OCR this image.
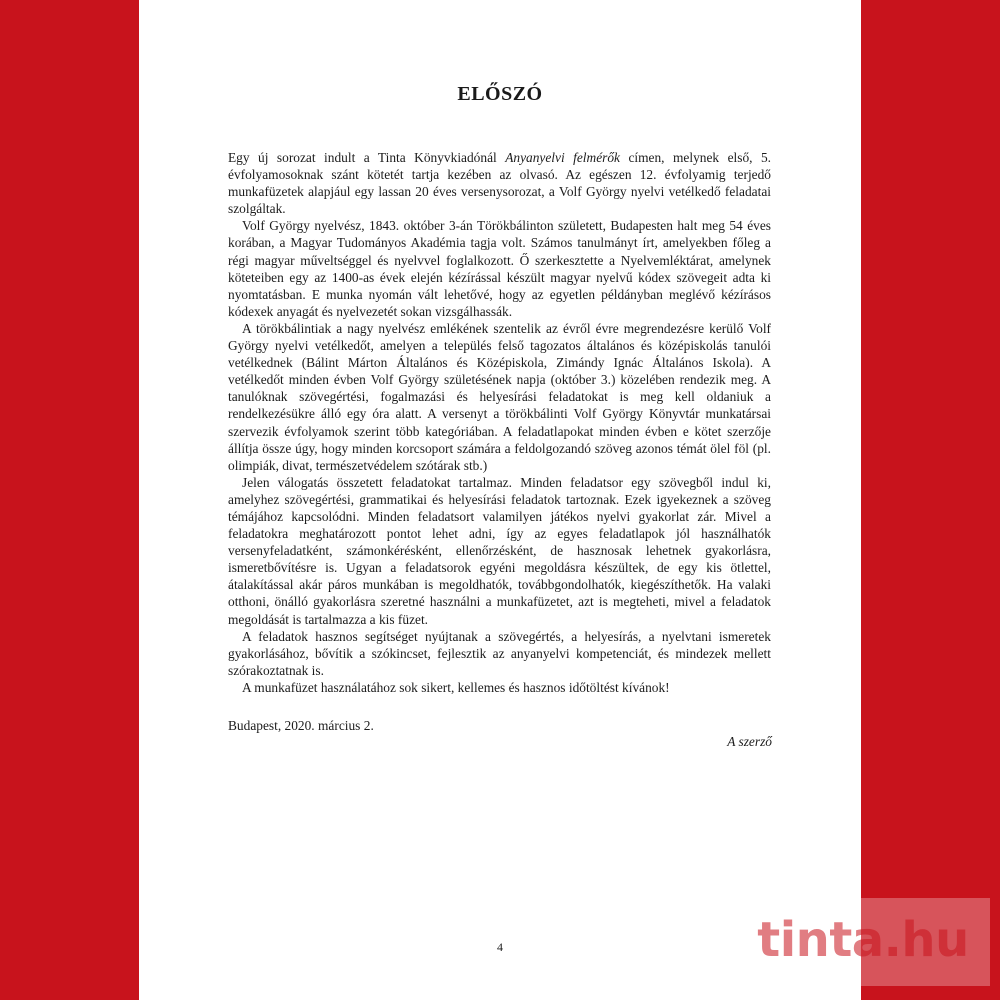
ELŐSZÓ

Egy új sorozat indult a Tinta Könyvkiadónál Anyanyelvi felmérők címen, melynek első, 5. évfolyamosoknak szánt kötetét tartja kezében az olvasó. Az egészen 12. évfolyamig terjedő munkafüzetek alapjául egy lassan 20 éves versenysorozat, a Volf György nyelvi vetélkedő feladatai szolgáltak.

Volf György nyelvész, 1843. október 3-án Törökbálinton született, Budapesten halt meg 54 éves korában, a Magyar Tudományos Akadémia tagja volt. Számos tanulmányt írt, amelyekben főleg a régi magyar műveltséggel és nyelvvel foglalkozott. Ő szerkesztette a Nyelvemléktárat, amelynek köteteiben egy az 1400-as évek elején kézírással készült magyar nyelvű kódex szövegeit adta ki nyomtatásban. E munka nyomán vált lehetővé, hogy az egyetlen példányban meglévő kézírásos kódexek anyagát és nyelvezetét sokan vizsgálhassák.

A törökbálintiak a nagy nyelvész emlékének szentelik az évről évre megrendezésre kerülő Volf György nyelvi vetélkedőt, amelyen a település felső tagozatos általános és középiskolás tanulói vetélkednek (Bálint Márton Általános és Középiskola, Zimándy Ignác Általános Iskola). A vetélkedőt minden évben Volf György születésének napja (október 3.) közelében rendezik meg. A tanulóknak szövegértési, fogalmazási és helyesírási feladatokat is meg kell oldaniuk a rendelkezésükre álló egy óra alatt. A versenyt a törökbálinti Volf György Könyvtár munkatársai szervezik évfolyamok szerint több kategóriában. A feladatlapokat minden évben e kötet szerzője állítja össze úgy, hogy minden korcsoport számára a feldolgozandó szöveg azonos témát ölel föl (pl. olimpiák, divat, természetvédelem szótárak stb.)

Jelen válogatás összetett feladatokat tartalmaz. Minden feladatsor egy szövegből indul ki, amelyhez szövegértési, grammatikai és helyesírási feladatok tartoznak. Ezek igyekeznek a szöveg témájához kapcsolódni. Minden feladatsort valamilyen játékos nyelvi gyakorlat zár. Mivel a feladatokra meghatározott pontot lehet adni, így az egyes feladatlapok jól használhatók versenyfeladatként, számonkérésként, ellenőrzésként, de hasznosak lehetnek gyakorlásra, ismeretbővítésre is. Ugyan a feladatsorok egyéni megoldásra készültek, de egy kis ötlettel, átalakítással akár páros munkában is megoldhatók, továbbgondolhatók, kiegészíthetők. Ha valaki otthoni, önálló gyakorlásra szeretné használni a munkafüzetet, azt is megteheti, mivel a feladatok megoldását is tartalmazza a kis füzet.

A feladatok hasznos segítséget nyújtanak a szövegértés, a helyesírás, a nyelvtani ismeretek gyakorlásához, bővítik a szókincset, fejlesztik az anyanyelvi kompetenciát, és mindezek mellett szórakoztatnak is.

A munkafüzet használatához sok sikert, kellemes és hasznos időtöltést kívánok!

Budapest, 2020. március 2.
A szerző
4	tinta.hu
